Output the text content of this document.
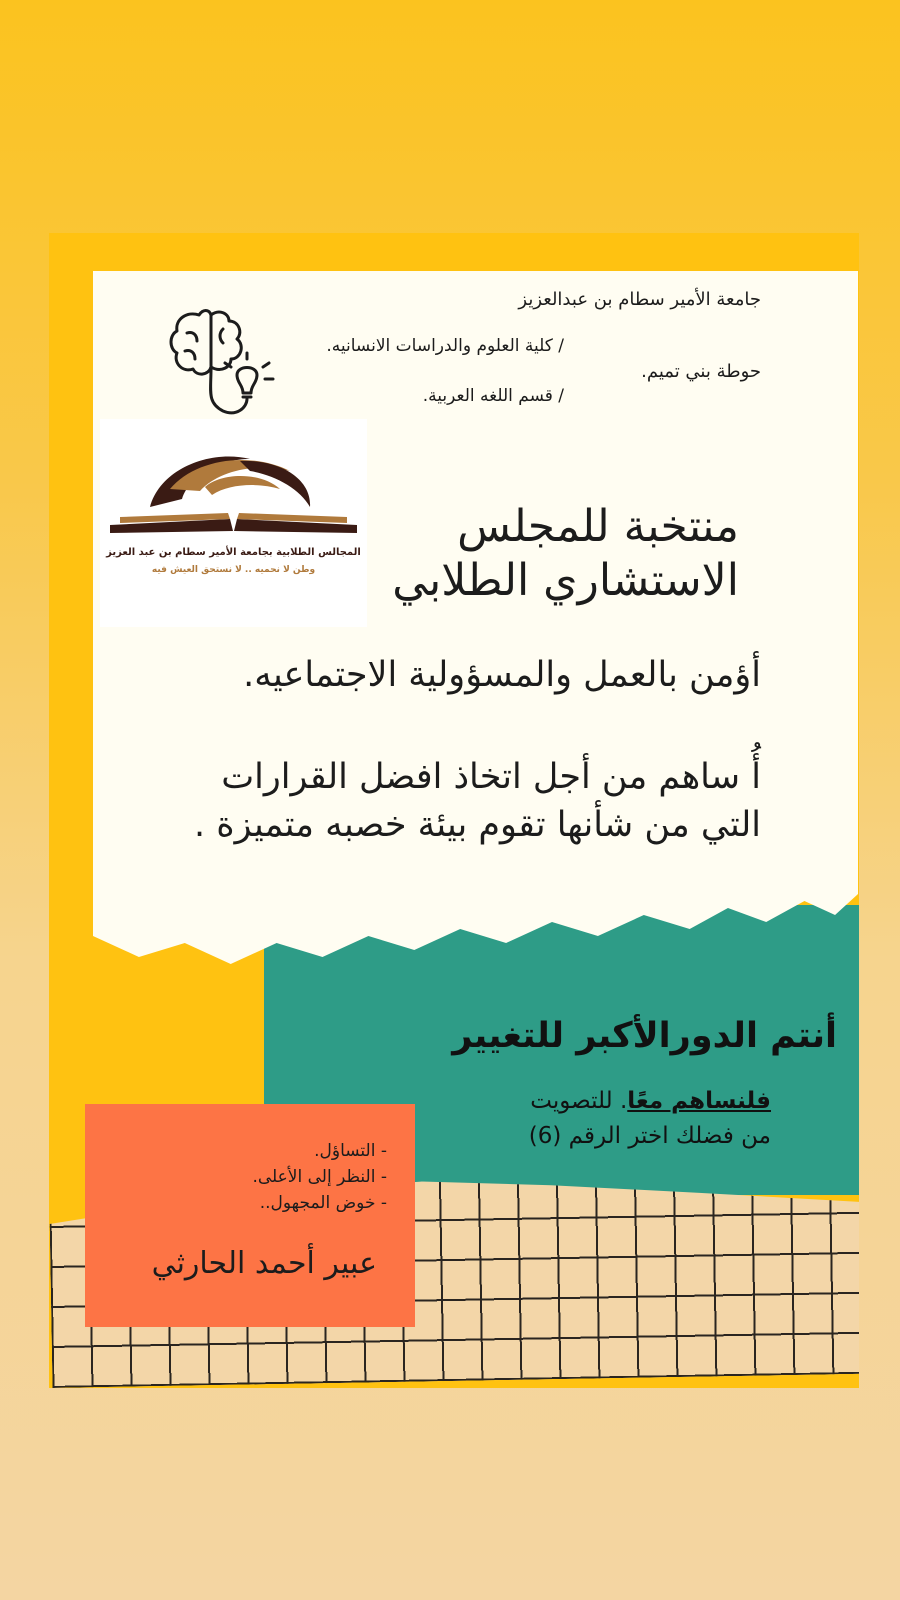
جامعة الأمير سطام بن عبدالعزيز
/ كلية العلوم والدراسات الانسانيه.
/ قسم اللغه العربية.
حوطة بني تميم.
المجالس الطلابية بجامعة الأمير سطام بن عبد العزيز
وطن لا نحميه .. لا نستحق العيش فيه
منتخبة للمجلس
الاستشاري الطلابي
أؤمن بالعمل والمسؤولية الاجتماعيه.
أُ ساهم من أجل اتخاذ افضل القرارات التي من شأنها تقوم بيئة خصبه متميزة .
أنتم الدورالأكبر للتغيير
فلنساهم معًا. للتصويت
من فضلك اختر الرقم (6)
- التساؤل.
- النظر إلى الأعلى.
- خوض المجهول..
عبير أحمد الحارثي
